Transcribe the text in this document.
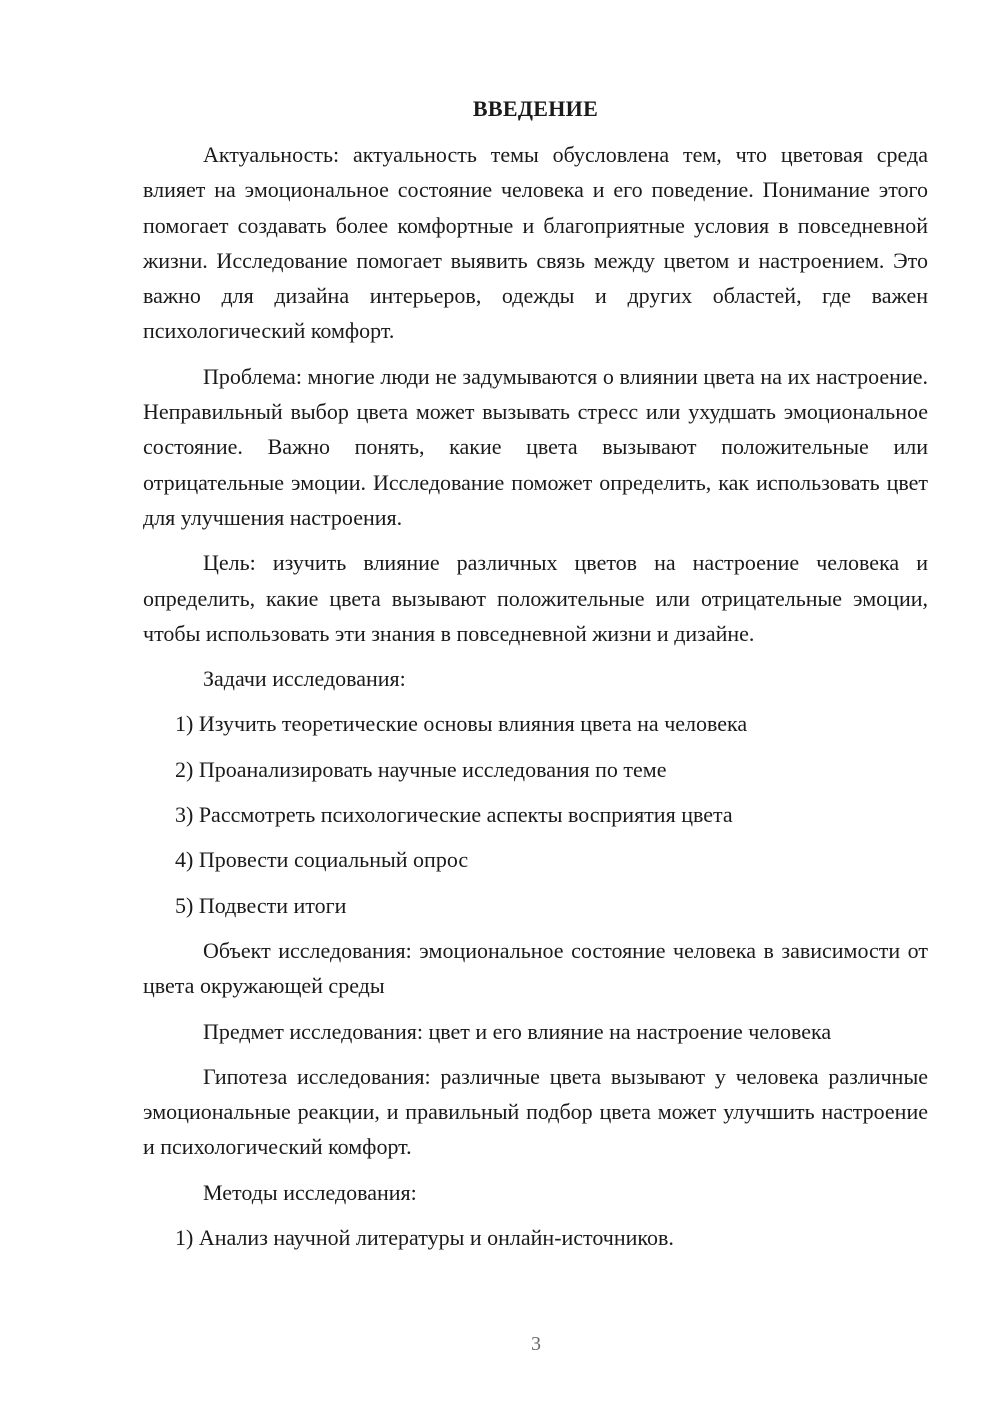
ВВЕДЕНИЕ

Актуальность: актуальность темы обусловлена тем, что цветовая среда влияет на эмоциональное состояние человека и его поведение. Понимание этого помогает создавать более комфортные и благоприятные условия в повседневной жизни. Исследование помогает выявить связь между цветом и настроением. Это важно для дизайна интерьеров, одежды и других областей, где важен психологический комфорт.

Проблема: многие люди не задумываются о влиянии цвета на их настроение. Неправильный выбор цвета может вызывать стресс или ухудшать эмоциональное состояние. Важно понять, какие цвета вызывают положительные или отрицательные эмоции. Исследование поможет определить, как использовать цвет для улучшения настроения.

Цель: изучить влияние различных цветов на настроение человека и определить, какие цвета вызывают положительные или отрицательные эмоции, чтобы использовать эти знания в повседневной жизни и дизайне.

Задачи исследования:
1) Изучить теоретические основы влияния цвета на человека
2) Проанализировать научные исследования по теме
3) Рассмотреть психологические аспекты восприятия цвета
4) Провести социальный опрос
5) Подвести итоги

Объект исследования: эмоциональное состояние человека в зависимости от цвета окружающей среды

Предмет исследования: цвет и его влияние на настроение человека

Гипотеза исследования: различные цвета вызывают у человека различные эмоциональные реакции, и правильный подбор цвета может улучшить настроение и психологический комфорт.

Методы исследования:
1) Анализ научной литературы и онлайн-источников.
3
